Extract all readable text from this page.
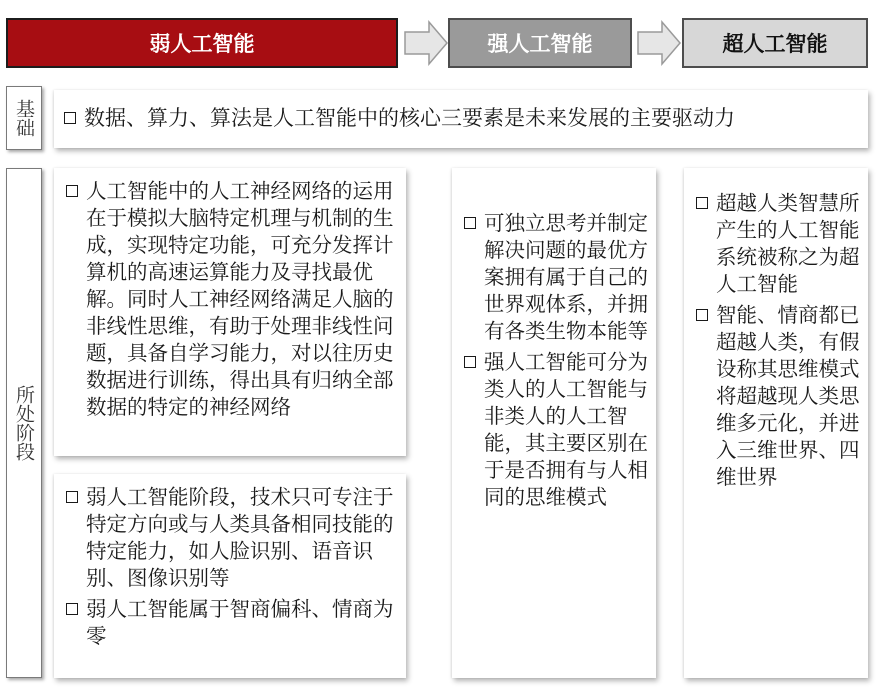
弱人工智能	强人工智能	超人工智能
基础
所处阶段
数据、算力、算法是人工智能中的核心三要素是未来发展的主要驱动力
人工智能中的人工神经网络的运用在于模拟大脑特定机理与机制的生成，实现特定功能，可充分发挥计算机的高速运算能力及寻找最优解。同时人工神经网络满足人脑的非线性思维，有助于处理非线性问题，具备自学习能力，对以往历史数据进行训练，得出具有归纳全部数据的特定的神经网络
弱人工智能阶段，技术只可专注于特定方向或与人类具备相同技能的特定能力，如人脸识别、语音识别、图像识别等
弱人工智能属于智商偏科、情商为零
可独立思考并制定解决问题的最优方案拥有属于自己的世界观体系，并拥有各类生物本能等
强人工智能可分为类人的人工智能与非类人的人工智能，其主要区别在于是否拥有与人相同的思维模式
超越人类智慧所产生的人工智能系统被称之为超人工智能
智能、情商都已超越人类，有假设称其思维模式将超越现人类思维多元化，并进入三维世界、四维世界
